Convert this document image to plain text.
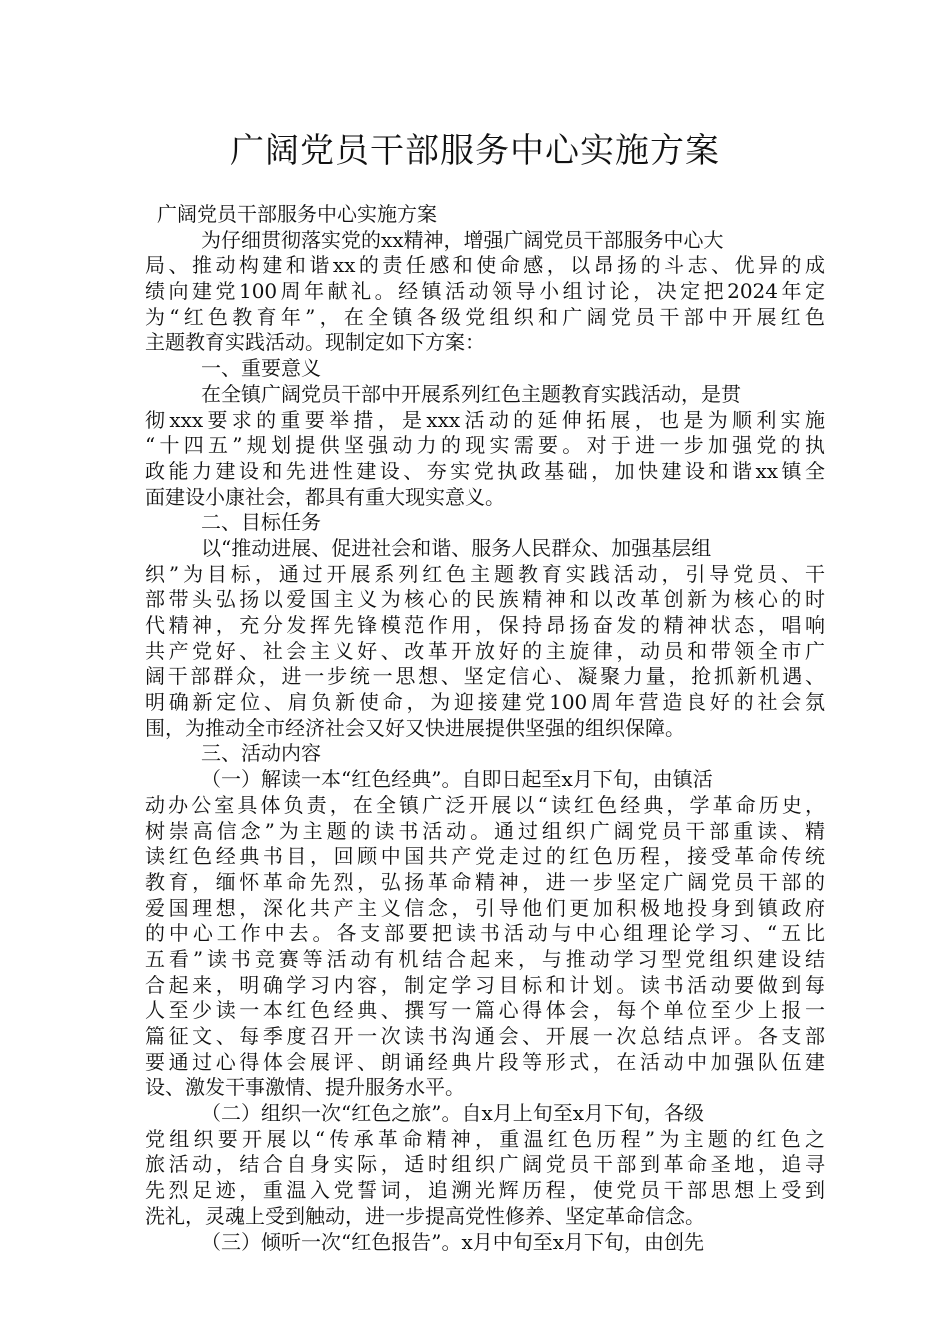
广阔党员干部服务中心实施方案
广阔党员干部服务中心实施方案
为仔细贯彻落实党的xx精神，增强广阔党员干部服务中心大
局、推动构建和谐xx的责任感和使命感，以昂扬的斗志、优异的成
绩向建党100周年献礼。经镇活动领导小组讨论，决定把2024年定
为“红色教育年”，在全镇各级党组织和广阔党员干部中开展红色
主题教育实践活动。现制定如下方案：
一、重要意义
在全镇广阔党员干部中开展系列红色主题教育实践活动，是贯
彻xxx要求的重要举措，是xxx活动的延伸拓展，也是为顺利实施
“十四五”规划提供坚强动力的现实需要。对于进一步加强党的执
政能力建设和先进性建设、夯实党执政基础，加快建设和谐xx镇全
面建设小康社会，都具有重大现实意义。
二、目标任务
以“推动进展、促进社会和谐、服务人民群众、加强基层组
织”为目标，通过开展系列红色主题教育实践活动，引导党员、干
部带头弘扬以爱国主义为核心的民族精神和以改革创新为核心的时
代精神，充分发挥先锋模范作用，保持昂扬奋发的精神状态，唱响
共产党好、社会主义好、改革开放好的主旋律，动员和带领全市广
阔干部群众，进一步统一思想、坚定信心、凝聚力量，抢抓新机遇、
明确新定位、肩负新使命，为迎接建党100周年营造良好的社会氛
围，为推动全市经济社会又好又快进展提供坚强的组织保障。
三、活动内容
（一）解读一本“红色经典”。自即日起至x月下旬，由镇活
动办公室具体负责，在全镇广泛开展以“读红色经典，学革命历史，
树崇高信念”为主题的读书活动。通过组织广阔党员干部重读、精
读红色经典书目，回顾中国共产党走过的红色历程，接受革命传统
教育，缅怀革命先烈，弘扬革命精神，进一步坚定广阔党员干部的
爱国理想，深化共产主义信念，引导他们更加积极地投身到镇政府
的中心工作中去。各支部要把读书活动与中心组理论学习、“五比
五看”读书竞赛等活动有机结合起来，与推动学习型党组织建设结
合起来，明确学习内容，制定学习目标和计划。读书活动要做到每
人至少读一本红色经典、撰写一篇心得体会，每个单位至少上报一
篇征文、每季度召开一次读书沟通会、开展一次总结点评。各支部
要通过心得体会展评、朗诵经典片段等形式，在活动中加强队伍建
设、激发干事激情、提升服务水平。
（二）组织一次“红色之旅”。自x月上旬至x月下旬，各级
党组织要开展以“传承革命精神，重温红色历程”为主题的红色之
旅活动，结合自身实际，适时组织广阔党员干部到革命圣地，追寻
先烈足迹，重温入党誓词，追溯光辉历程，使党员干部思想上受到
洗礼，灵魂上受到触动，进一步提高党性修养、坚定革命信念。
（三）倾听一次“红色报告”。x月中旬至x月下旬，由创先
